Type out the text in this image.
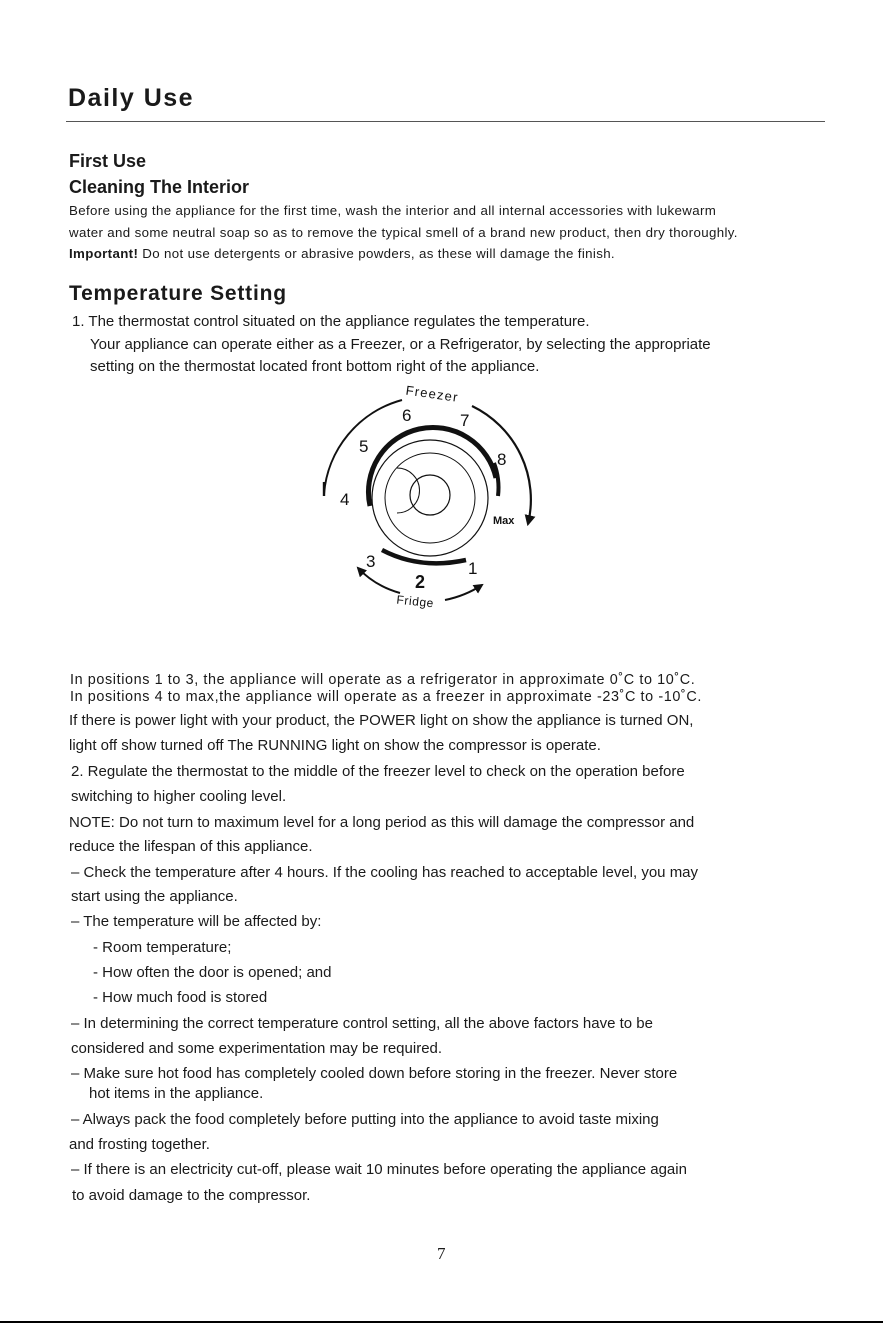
Daily Use
First Use
Cleaning The Interior
Before using the appliance for the first time, wash the interior and all internal accessories with lukewarm
water and some neutral soap so as to remove the typical smell of a brand new product, then dry thoroughly.
Important! Do not use detergents or abrasive powders, as these will damage the finish.
Temperature Setting
1. The thermostat control situated on the appliance regulates the temperature.
Your appliance can operate either as a Freezer, or a Refrigerator, by selecting the appropriate
setting on the thermostat located front bottom right of the appliance.
Freezer
Fridge
Max
1
2
3
4
5
6	7
8
In positions 1 to 3, the appliance will operate as a refrigerator in approximate 0˚C to 10˚C.
In positions 4 to max,the appliance will operate as a freezer in approximate -23˚C to -10˚C.
If there is power light with your product, the POWER light on show the appliance is turned ON,
light off show turned off The RUNNING light on show the compressor is operate.
2. Regulate the thermostat to the middle of the freezer level to check on the operation before
switching to higher cooling level.
NOTE: Do not turn to maximum level for a long period as this will damage the compressor and
reduce the lifespan of this appliance.
– Check the temperature after 4 hours. If the cooling has reached to acceptable level, you may
start using the appliance.
– The temperature will be affected by:
- Room temperature;
- How often the door is opened; and
- How much food is stored
– In determining the correct temperature control setting, all the above factors have to be
considered and some experimentation may be required.
– Make sure hot food has completely cooled down before storing in the freezer. Never store
hot items in the appliance.
– Always pack the food completely before putting into the appliance to avoid taste mixing
and frosting together.
– If there is an electricity cut-off, please wait 10 minutes before operating the appliance again
to avoid damage to the compressor.
7
